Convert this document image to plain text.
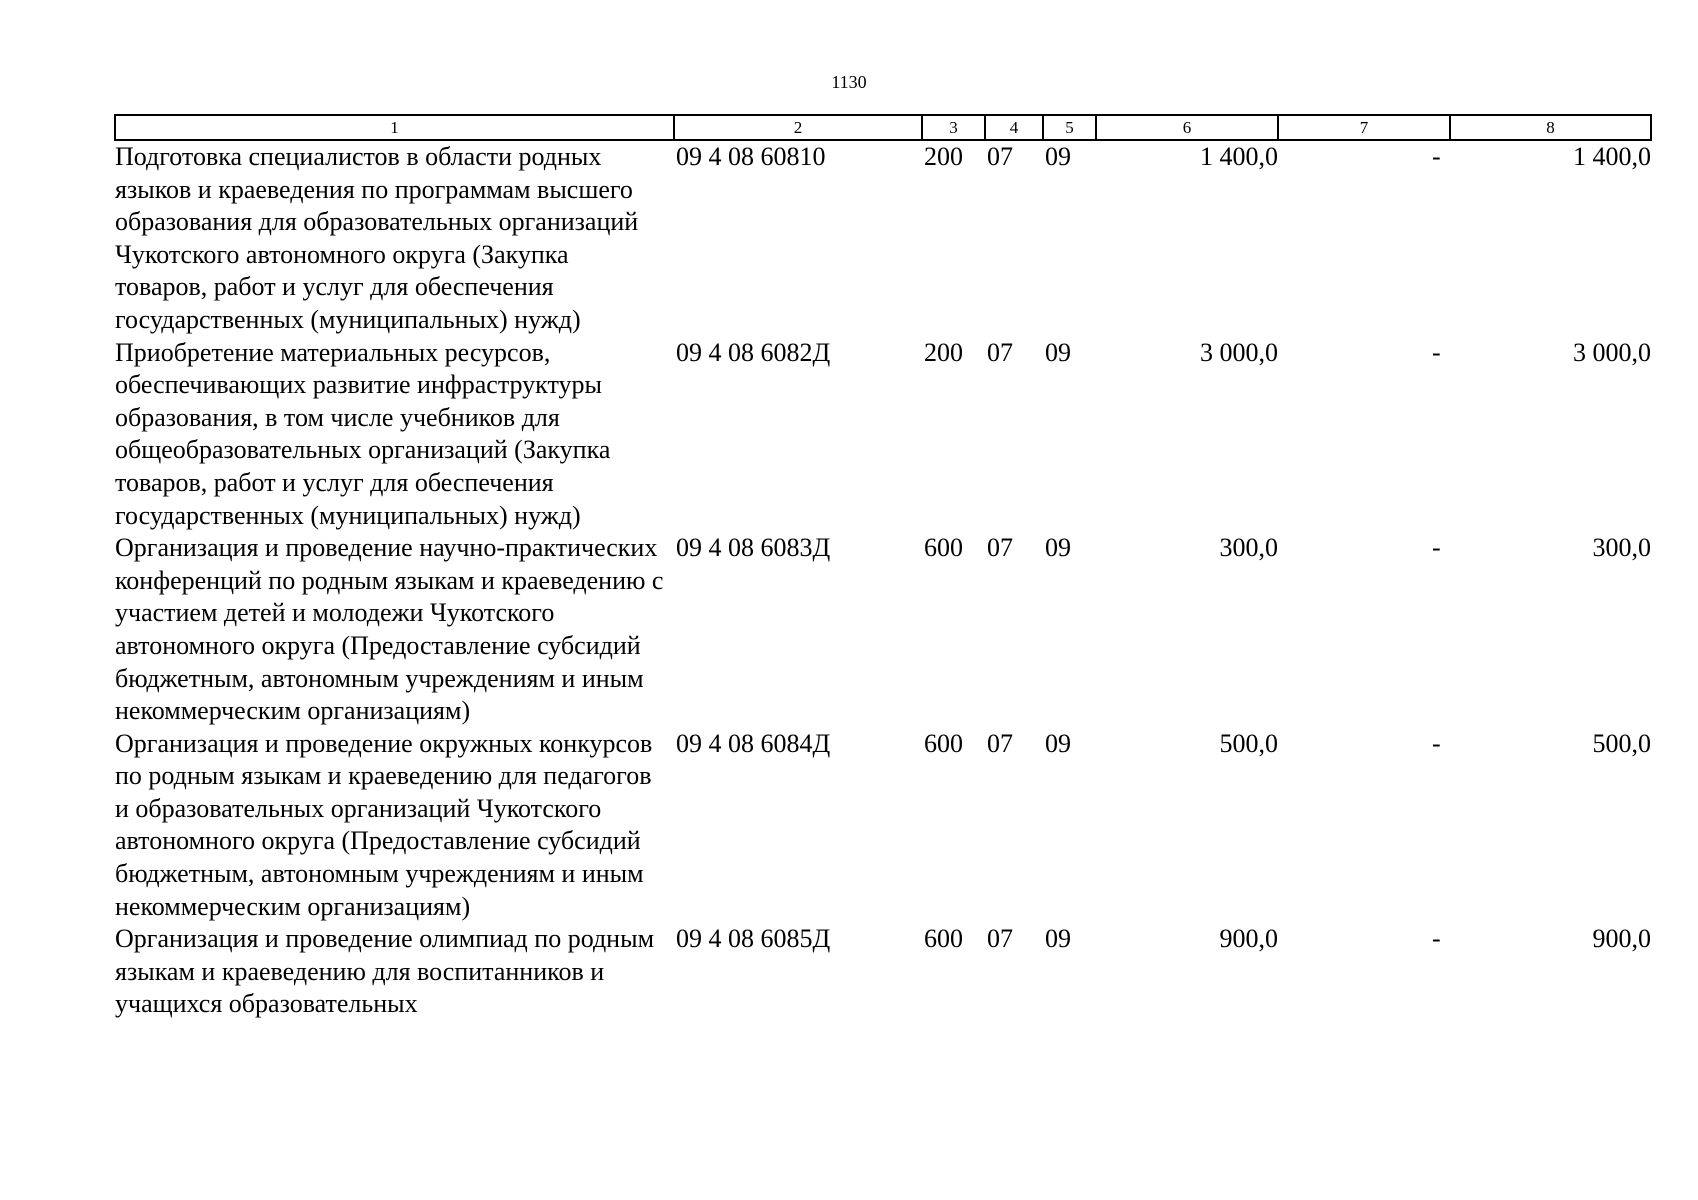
1130
1	2	3	4	5	6	7	8
Подготовка специалистов в области родных языков и краеведения по программам высшего образования для образовательных организаций Чукотского автономного округа (Закупка товаров, работ и услуг для обеспечения государственных (муниципальных) нужд)	09 4 08 60810	200	07	09	1 400,0	-	1 400,0
Приобретение материальных ресурсов, обеспечивающих развитие инфраструктуры образования, в том числе учебников для общеобразовательных организаций (Закупка товаров, работ и услуг для обеспечения государственных (муниципальных) нужд)	09 4 08 6082Д	200	07	09	3 000,0	-	3 000,0
Организация и проведение научно-практических конференций по родным языкам и краеведению с участием детей и молодежи Чукотского автономного округа (Предоставление субсидий бюджетным, автономным учреждениям и иным некоммерческим организациям)	09 4 08 6083Д	600	07	09	300,0	-	300,0
Организация и проведение окружных конкурсов по родным языкам и краеведению для педагогов и образовательных организаций Чукотского автономного округа (Предоставление субсидий бюджетным, автономным учреждениям и иным некоммерческим организациям)	09 4 08 6084Д	600	07	09	500,0	-	500,0
Организация и проведение олимпиад по родным языкам и краеведению для воспитанников и учащихся образовательных	09 4 08 6085Д	600	07	09	900,0	-	900,0
